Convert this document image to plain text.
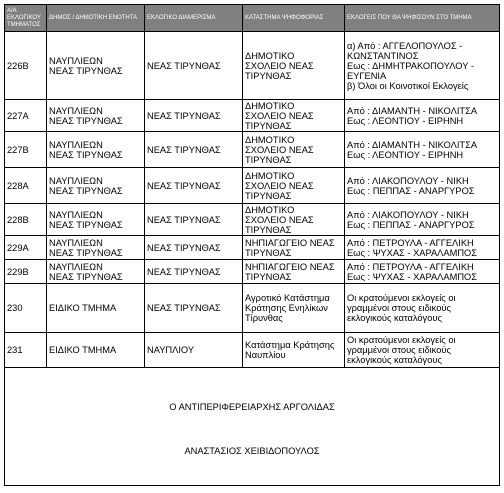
Α/Α ΕΚΛΟΓΙΚΟΥ ΤΜΗΜΑΤΟΣ	ΔΗΜΟΣ / ΔΗΜΟΤΙΚΗ ΕΝΟΤΗΤΑ	ΕΚΛΟΓΙΚΟ ΔΙΑΜΕΡΙΣΜΑ	ΚΑΤΑΣΤΗΜΑ ΨΗΦΟΦΟΡΙΑΣ	ΕΚΛΟΓΕΙΣ ΠΟΥ ΘΑ ΨΗΦΙΣΟΥΝ ΣΤΟ ΤΜΗΜΑ
226Β	ΝΑΥΠΛΙΕΩΝ
ΝΕΑΣ ΤΙΡΥΝΘΑΣ	ΝΕΑΣ ΤΙΡΥΝΘΑΣ	ΔΗΜΟΤΙΚΟ
ΣΧΟΛΕΙΟ ΝΕΑΣ
ΤΙΡΥΝΘΑΣ	α) Από : ΑΓΓΕΛΟΠΟΥΛΟΣ -
ΚΩΝΣΤΑΝΤΙΝΟΣ
Εως : ΔΗΜΗΤΡΑΚΟΠΟΥΛΟΥ -
ΕΥΓΕΝΙΑ
β) Όλοι οι Κοινοτικοί Εκλογείς

227Α	ΝΑΥΠΛΙΕΩΝ
ΝΕΑΣ ΤΙΡΥΝΘΑΣ	ΝΕΑΣ ΤΙΡΥΝΘΑΣ	ΔΗΜΟΤΙΚΟ
ΣΧΟΛΕΙΟ ΝΕΑΣ
ΤΙΡΥΝΘΑΣ	Από : ΔΙΑΜΑΝΤΗ - ΝΙΚΟΛΙΤΣΑ
Εως : ΛΕΟΝΤΙΟΥ - ΕΙΡΗΝΗ

227Β	ΝΑΥΠΛΙΕΩΝ
ΝΕΑΣ ΤΙΡΥΝΘΑΣ	ΝΕΑΣ ΤΙΡΥΝΘΑΣ	ΔΗΜΟΤΙΚΟ
ΣΧΟΛΕΙΟ ΝΕΑΣ
ΤΙΡΥΝΘΑΣ	Από : ΔΙΑΜΑΝΤΗ - ΝΙΚΟΛΙΤΣΑ
Εως : ΛΕΟΝΤΙΟΥ - ΕΙΡΗΝΗ

228Α	ΝΑΥΠΛΙΕΩΝ
ΝΕΑΣ ΤΙΡΥΝΘΑΣ	ΝΕΑΣ ΤΙΡΥΝΘΑΣ	ΔΗΜΟΤΙΚΟ
ΣΧΟΛΕΙΟ ΝΕΑΣ
ΤΙΡΥΝΘΑΣ	Από : ΛΙΑΚΟΠΟΥΛΟΥ - ΝΙΚΗ
Εως : ΠΕΠΠΑΣ - ΑΝΑΡΓΥΡΟΣ

228Β	ΝΑΥΠΛΙΕΩΝ
ΝΕΑΣ ΤΙΡΥΝΘΑΣ	ΝΕΑΣ ΤΙΡΥΝΘΑΣ	ΔΗΜΟΤΙΚΟ
ΣΧΟΛΕΙΟ ΝΕΑΣ
ΤΙΡΥΝΘΑΣ	Από : ΛΙΑΚΟΠΟΥΛΟΥ - ΝΙΚΗ
Εως : ΠΕΠΠΑΣ - ΑΝΑΡΓΥΡΟΣ

229Α	ΝΑΥΠΛΙΕΩΝ
ΝΕΑΣ ΤΙΡΥΝΘΑΣ	ΝΕΑΣ ΤΙΡΥΝΘΑΣ	ΝΗΠΙΑΓΩΓΕΙΟ ΝΕΑΣ
ΤΙΡΥΝΘΑΣ	Από : ΠΕΤΡΟΥΛΑ - ΑΓΓΕΛΙΚΗ
Εως : ΨΥΧΑΣ - ΧΑΡΑΛΑΜΠΟΣ

229Β	ΝΑΥΠΛΙΕΩΝ
ΝΕΑΣ ΤΙΡΥΝΘΑΣ	ΝΕΑΣ ΤΙΡΥΝΘΑΣ	ΝΗΠΙΑΓΩΓΕΙΟ ΝΕΑΣ
ΤΙΡΥΝΘΑΣ	Από : ΠΕΤΡΟΥΛΑ - ΑΓΓΕΛΙΚΗ
Εως : ΨΥΧΑΣ - ΧΑΡΑΛΑΜΠΟΣ

230	ΕΙΔΙΚΟ ΤΜΗΜΑ	ΝΕΑΣ ΤΙΡΥΝΘΑΣ	Αγροτικό Κατάστημα
Κράτησης Ενηλίκων
Τίρυνθας	Οι κρατούμενοι εκλογείς οι
γραμμένοι στους ειδικούς
εκλογικούς καταλόγους

231	ΕΙΔΙΚΟ ΤΜΗΜΑ	ΝΑΥΠΛΙΟΥ	Κατάστημα Κράτησης
Ναυπλίου	Οι κρατούμενοι εκλογείς οι
γραμμένοι στους ειδικούς
εκλογικούς καταλόγους

Ο ΑΝΤΙΠΕΡΙΦΕΡΕΙΑΡΧΗΣ ΑΡΓΟΛΙΔΑΣ
ΑΝΑΣΤΑΣΙΟΣ ΧΕΙΒΙΔΟΠΟΥΛΟΣ				
